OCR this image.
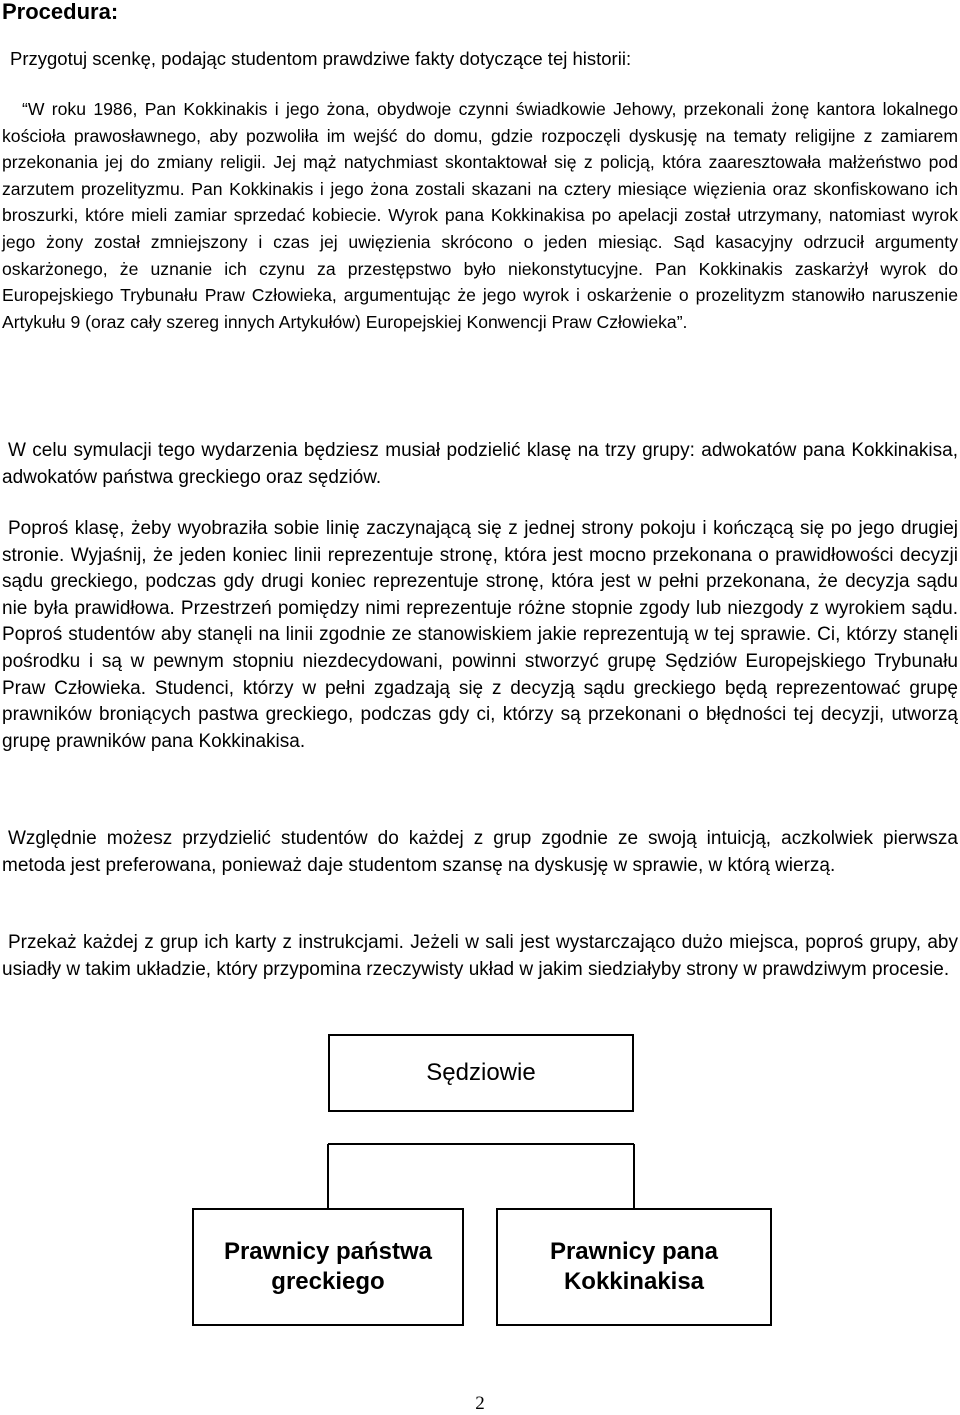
Procedura:

Przygotuj scenkę, podając studentom prawdziwe fakty dotyczące tej historii:

“W roku 1986, Pan Kokkinakis i jego żona, obydwoje czynni świadkowie Jehowy, przekonali żonę kantora lokalnego kościoła prawosławnego, aby pozwoliła im wejść do domu, gdzie rozpoczęli dyskusję na tematy religijne z zamiarem przekonania jej do zmiany religii. Jej mąż natychmiast skontaktował się z policją, która zaaresztowała małżeństwo pod zarzutem prozelityzmu. Pan Kokkinakis i jego żona zostali skazani na cztery miesiące więzienia oraz skonfiskowano ich broszurki, które mieli zamiar sprzedać kobiecie. Wyrok pana Kokkinakisa po apelacji został utrzymany, natomiast wyrok jego żony został zmniejszony i czas jej uwięzienia skrócono o jeden miesiąc. Sąd kasacyjny odrzucił argumenty oskarżonego, że uznanie ich czynu za przestępstwo było niekonstytucyjne. Pan Kokkinakis zaskarżył wyrok do Europejskiego Trybunału Praw Człowieka, argumentując że jego wyrok i oskarżenie o prozelityzm stanowiło naruszenie Artykułu 9 (oraz cały szereg innych Artykułów) Europejskiej Konwencji Praw Człowieka”.

W celu symulacji tego wydarzenia będziesz musiał podzielić klasę na trzy grupy: adwokatów pana Kokkinakisa, adwokatów państwa greckiego oraz sędziów.

Poproś klasę, żeby wyobraziła sobie linię zaczynającą się z jednej strony pokoju i kończącą się po jego drugiej stronie. Wyjaśnij, że jeden koniec linii reprezentuje stronę, która jest mocno przekonana o prawidłowości decyzji sądu greckiego, podczas gdy drugi koniec reprezentuje stronę, która jest w pełni przekonana, że decyzja sądu nie była prawidłowa. Przestrzeń pomiędzy nimi reprezentuje różne stopnie zgody lub niezgody z wyrokiem sądu. Poproś studentów aby stanęli na linii zgodnie ze stanowiskiem jakie reprezentują w tej sprawie. Ci, którzy stanęli pośrodku i są w pewnym stopniu niezdecydowani, powinni stworzyć grupę Sędziów Europejskiego Trybunału Praw Człowieka. Studenci, którzy w pełni zgadzają się z decyzją sądu greckiego będą reprezentować grupę prawników broniących pastwa greckiego, podczas gdy ci, którzy są przekonani o błędności tej decyzji, utworzą grupę prawników pana Kokkinakisa.

Względnie możesz przydzielić studentów do każdej z grup zgodnie ze swoją intuicją, aczkolwiek pierwsza metoda jest preferowana, ponieważ daje studentom szansę na dyskusję w sprawie, w którą wierzą.

Przekaż każdej z grup ich karty z instrukcjami. Jeżeli w sali jest wystarczająco dużo miejsca, poproś grupy, aby usiadły w takim układzie, który przypomina rzeczywisty układ w jakim siedziałyby strony w prawdziwym procesie.

Sędziowie
Prawnicy państwa
greckiego
Prawnicy pana
Kokkinakisa
2
